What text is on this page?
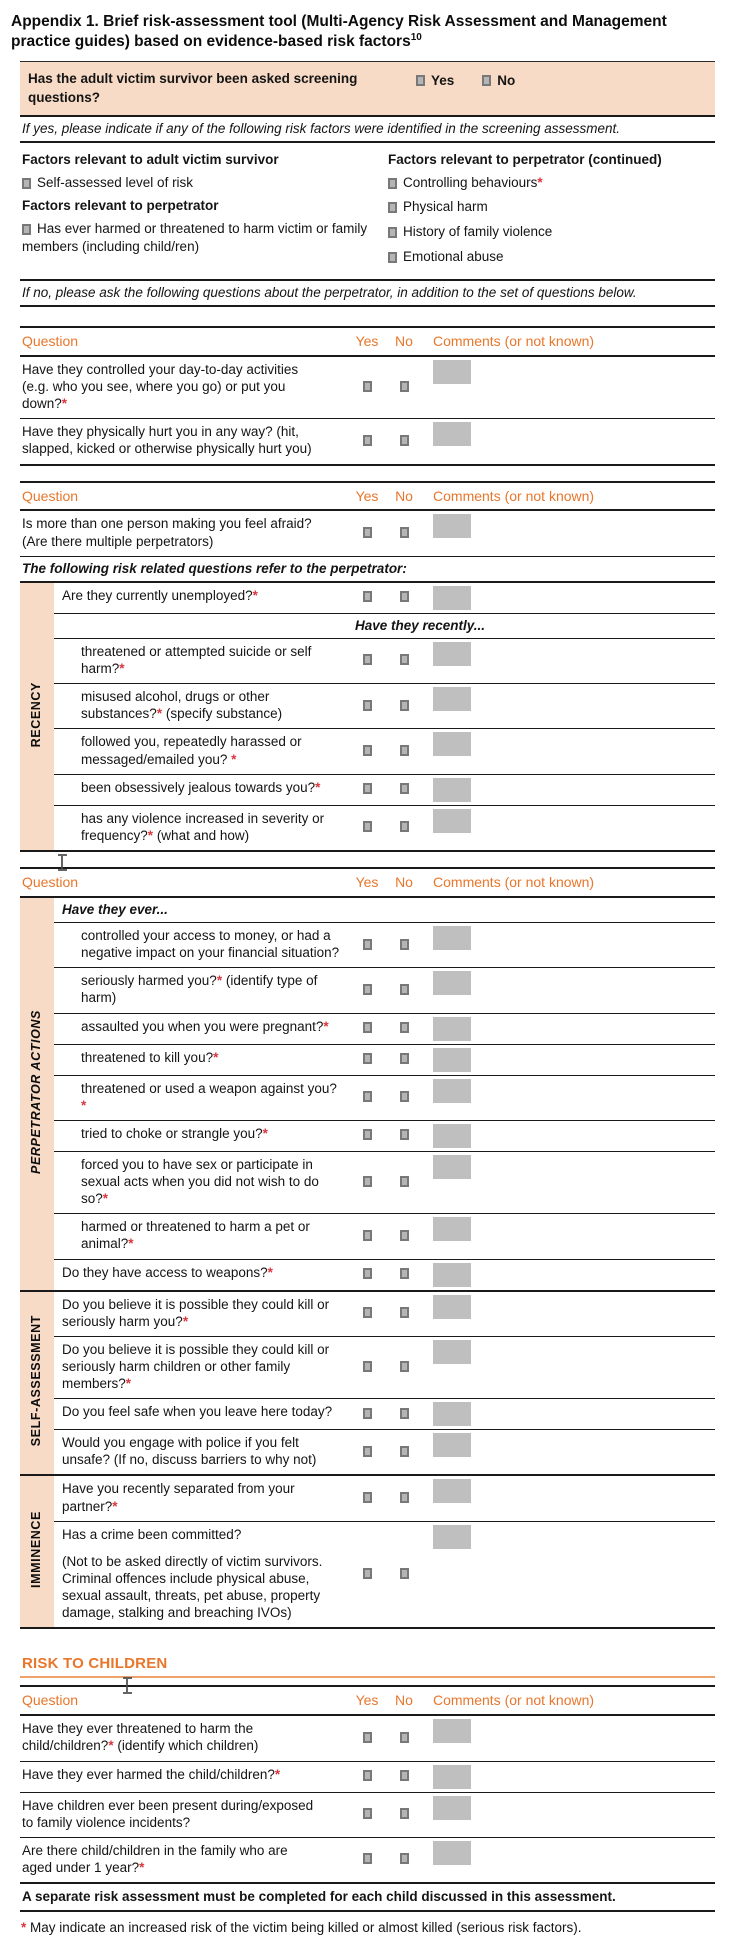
Appendix 1. Brief risk-assessment tool (Multi-Agency Risk Assessment and Management practice guides) based on evidence-based risk factors$^{10}$
Has the adult victim survivor been asked screening questions?
Yes	No
If yes, please indicate if any of the following risk factors were identified in the screening assessment.
Factors relevant to adult victim survivor
Self-assessed level of risk
Factors relevant to perpetrator
Has ever harmed or threatened to harm victim or family members (including child/ren)
Factors relevant to perpetrator (continued)
Controlling behaviours*
Physical harm
History of family violence
Emotional abuse
If no, please ask the following questions about the perpetrator, in addition to the set of questions below.
Question	Yes	No	Comments (or not known)
Have they controlled your day-to-day activities (e.g. who you see, where you go) or put you down?*			

Have they physically hurt you in any way? (hit, slapped, kicked or otherwise physically hurt you)			
Question		Yes	No	Comments (or not known)
Is more than one person making you feel afraid? (Are there multiple perpetrators)				

The following risk related questions refer to the perpetrator:				
RECENCY	Are they currently unemployed?*			

	Have they recently...			
	threatened or attempted suicide or self harm?*			

	misused alcohol, drugs or other substances?* (specify substance)			

	followed you, repeatedly harassed or messaged/emailed you? *			

	been obsessively jealous towards you?*			

	has any violence increased in severity or frequency?* (what and how)			
Question		Yes	No	Comments (or not known)
PERPETRATOR ACTIONS	Have they ever...			
	controlled your access to money, or had a negative impact on your financial situation?			

	seriously harmed you?* (identify type of harm)			

	assaulted you when you were pregnant?*			

	threatened to kill you?*			

	threatened or used a weapon against you?*			

	tried to choke or strangle you?*			

	forced you to have sex or participate in sexual acts when you did not wish to do so?*			

	harmed or threatened to harm a pet or animal?*			

	Do they have access to weapons?*			

SELF-ASSESSMENT	Do you believe it is possible they could kill or seriously harm you?*			

	Do you believe it is possible they could kill or seriously harm children or other family members?*			

	Do you feel safe when you leave here today?			

	Would you engage with police if you felt unsafe? (If no, discuss barriers to why not)			

IMMINENCE	Have you recently separated from your partner?*			

	Has a crime been committed?
(Not to be asked directly of victim survivors. Criminal offences include physical abuse, sexual assault, threats, pet abuse, property damage, stalking and breaching IVOs)			

RISK TO CHILDREN
Question	Yes	No	Comments (or not known)
Have they ever threatened to harm the child/children?* (identify which children)			

Have they ever harmed the child/children?*			

Have children ever been present during/exposed to family violence incidents?			

Are there child/children in the family who are aged under 1 year?*			

A separate risk assessment must be completed for each child discussed in this assessment.			
* May indicate an increased risk of the victim being killed or almost killed (serious risk factors).
